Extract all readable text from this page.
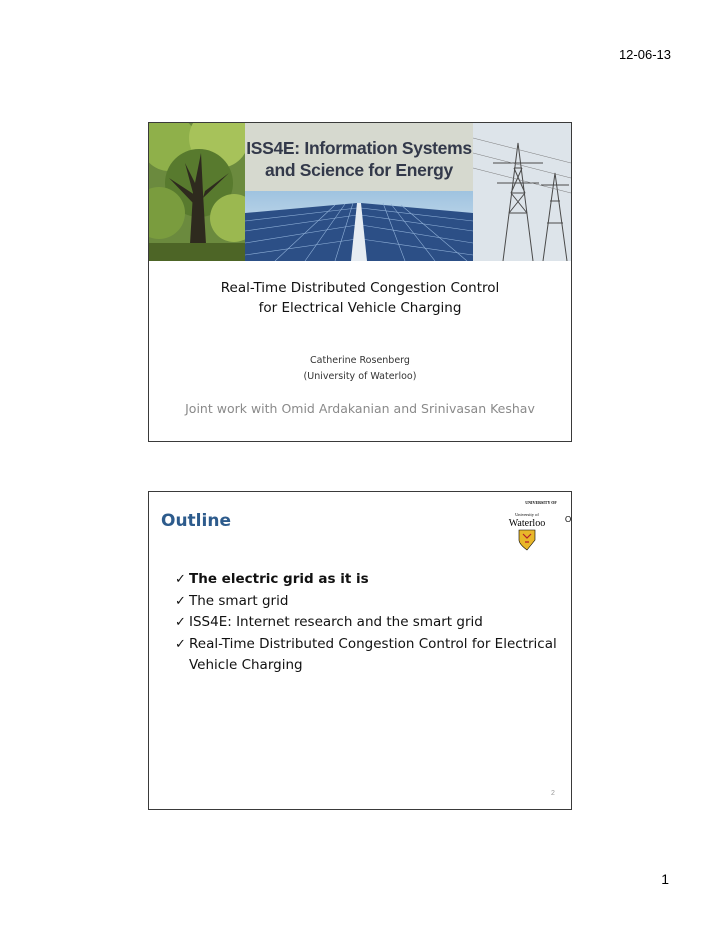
12-06-13
ISS4E: Information Systems
and Science for Energy
Real-Time Distributed Congestion Control
for Electrical Vehicle Charging
Catherine Rosenberg
(University of Waterloo)
Joint work with Omid Ardakanian and Srinivasan Keshav
Outline
UNIVERSITY OF
University of
Waterloo O
✓ The electric grid as it is
✓ The smart grid
✓ ISS4E: Internet research and the smart grid
✓ Real-Time Distributed Congestion Control for Electrical Vehicle Charging
2
1
